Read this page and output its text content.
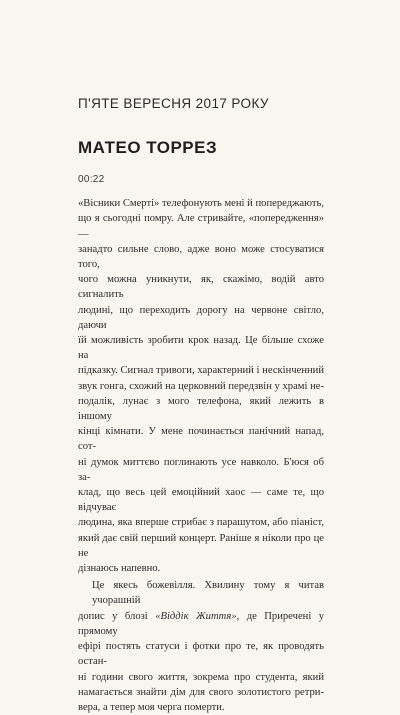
П'ЯТЕ ВЕРЕСНЯ 2017 РОКУ
МАТЕО ТОРРЕЗ
00:22
«Вісники Смерті» телефонують мені й попереджають,
що я сьогодні помру. Але стривайте, «попередження» —
занадто сильне слово, адже воно може стосуватися того,
чого можна уникнути, як, скажімо, водій авто сигналить
людині, що переходить дорогу на червоне світло, даючи
їй можливість зробити крок назад. Це більше схоже на
підказку. Сигнал тривоги, характерний і нескінченний
звук гонга, схожий на церковний передзвін у храмі не-
подалік, лунає з мого телефона, який лежить в іншому
кінці кімнати. У мене починається панічний напад, сот-
ні думок миттєво поглинають усе навколо. Б'юся об за-
клад, що весь цей емоційний хаос — саме те, що відчуває
людина, яка вперше стрибає з парашутом, або піаніст,
який дає свій перший концерт. Раніше я ніколи про це не
дізнаюсь напевно.
Це якесь божевілля. Хвилину тому я читав учорашній
допис у блозі «Віддік Життя», де Приречені у прямому
ефірі постять статуси і фотки про те, як проводять остан-
ні години свого життя, зокрема про студента, який
намагається знайти дім для свого золотистого ретри-
вера, а тепер моя черга померти.
